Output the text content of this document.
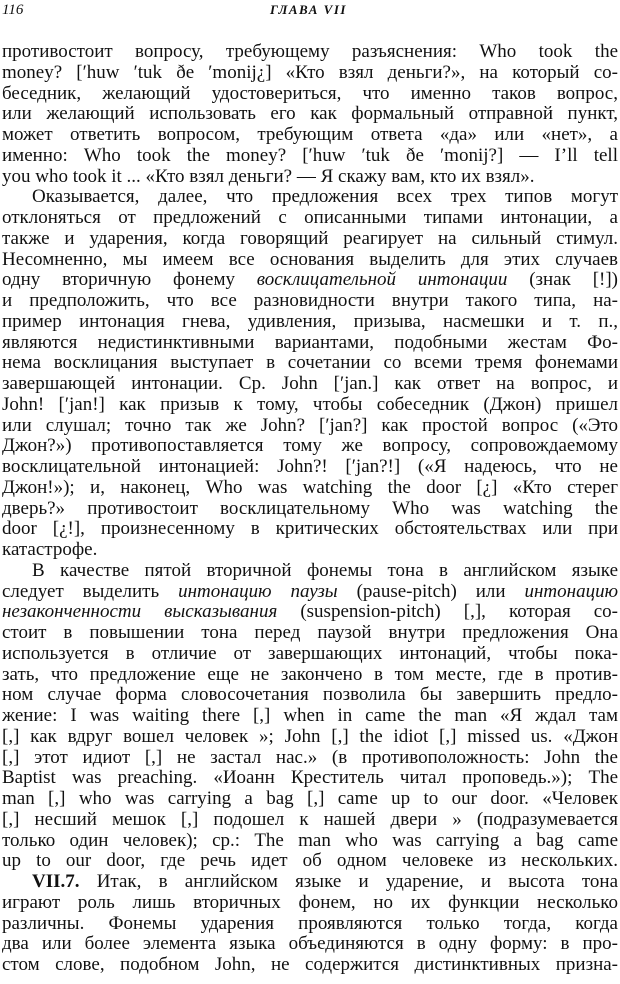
116	ГЛАВА VII
противостоит вопросу, требующему разъяснения: Who took the
money? [ʹhuw ʹtuk ðe ʹmonij¿] «Кто взял деньги?», на который со-
беседник, желающий удостовериться, что именно таков вопрос,
или желающий использовать его как формальный отправной пункт,
может ответить вопросом, требующим ответа «да» или «нет», а
именно: Who took the money? [ʹhuw ʹtuk ðe ʹmonij?] — I’ll tell
you who took it ... «Кто взял деньги? — Я скажу вам, кто их взял».
Оказывается, далее, что предложения всех трех типов могут
отклоняться от предложений с описанными типами интонации, а
также и ударения, когда говорящий реагирует на сильный стимул.
Несомненно, мы имеем все основания выделить для этих случаев
одну вторичную фонему восклицательной интонации (знак [!])
и предположить, что все разновидности внутри такого типа, на-
пример интонация гнева, удивления, призыва, насмешки и т. п.,
являются недистинктивными вариантами, подобными жестам Фо-
нема восклицания выступает в сочетании со всеми тремя фонемами
завершающей интонации. Ср. John [ʹjan.] как ответ на вопрос, и
John! [ʹjan!] как призыв к тому, чтобы собеседник (Джон) пришел
или слушал; точно так же John? [ʹjan?] как простой вопрос («Это
Джон?») противопоставляется тому же вопросу, сопровождаемому
восклицательной интонацией: John?! [ʹjan?!] («Я надеюсь, что не
Джон!»); и, наконец, Who was watching the door [¿] «Кто стерег
дверь?» противостоит восклицательному Who was watching the
door [¿!], произнесенному в критических обстоятельствах или при
катастрофе.
В качестве пятой вторичной фонемы тона в английском языке
следует выделить интонацию паузы (pause-pitch) или интонацию
незаконченности высказывания (suspension-pitch) [,], которая со-
стоит в повышении тона перед паузой внутри предложения Она
используется в отличие от завершающих интонаций, чтобы пока-
зать, что предложение еще не закончено в том месте, где в против-
ном случае форма словосочетания позволила бы завершить предло-
жение: I was waiting there [,] when in came the man «Я ждал там
[,] как вдруг вошел человек »; John [,] the idiot [,] missed us. «Джон
[,] этот идиот [,] не застал нас.» (в противоположность: John the
Baptist was preaching. «Иоанн Креститель читал проповедь.»); The
man [,] who was carrying a bag [,] came up to our door. «Человек
[,] несший мешок [,] подошел к нашей двери » (подразумевается
только один человек); ср.: The man who was carrying a bag came
up to our door, где речь идет об одном человеке из нескольких.
VII.7. Итак, в английском языке и ударение, и высота тона
играют роль лишь вторичных фонем, но их функции несколько
различны. Фонемы ударения проявляются только тогда, когда
два или более элемента языка объединяются в одну форму: в про-
стом слове, подобном John, не содержится дистинктивных призна-
